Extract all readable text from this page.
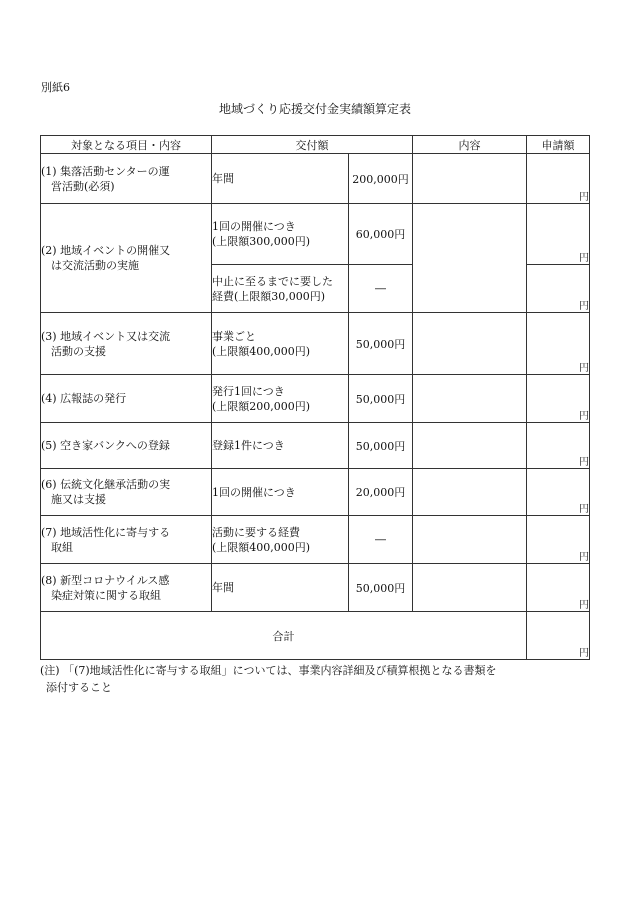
別紙6
地域づくり応援交付金実績額算定表
対象となる項目・内容	交付額		内容	申請額

(1) 集落活動センターの運
営活動(必須)	年間	200,000円		円

(2) 地域イベントの開催又
は交流活動の実施	1回の開催につき
(上限額300,000円)	60,000円		円

	中止に至るまでに要した
経費(上限額30,000円)	―		円

(3) 地域イベント又は交流
活動の支援	事業ごと
(上限額400,000円)	50,000円		円

(4) 広報誌の発行	発行1回につき
(上限額200,000円)	50,000円		円

(5) 空き家バンクへの登録	登録1件につき	50,000円		円

(6) 伝統文化継承活動の実
施又は支援	1回の開催につき	20,000円		円

(7) 地域活性化に寄与する
取組	活動に要する経費
(上限額400,000円)	―		円

(8) 新型コロナウイルス感
染症対策に関する取組	年間	50,000円		円
合計				円
(注) 「(7)地域活性化に寄与する取組」については、事業内容詳細及び積算根拠となる書類を
添付すること
